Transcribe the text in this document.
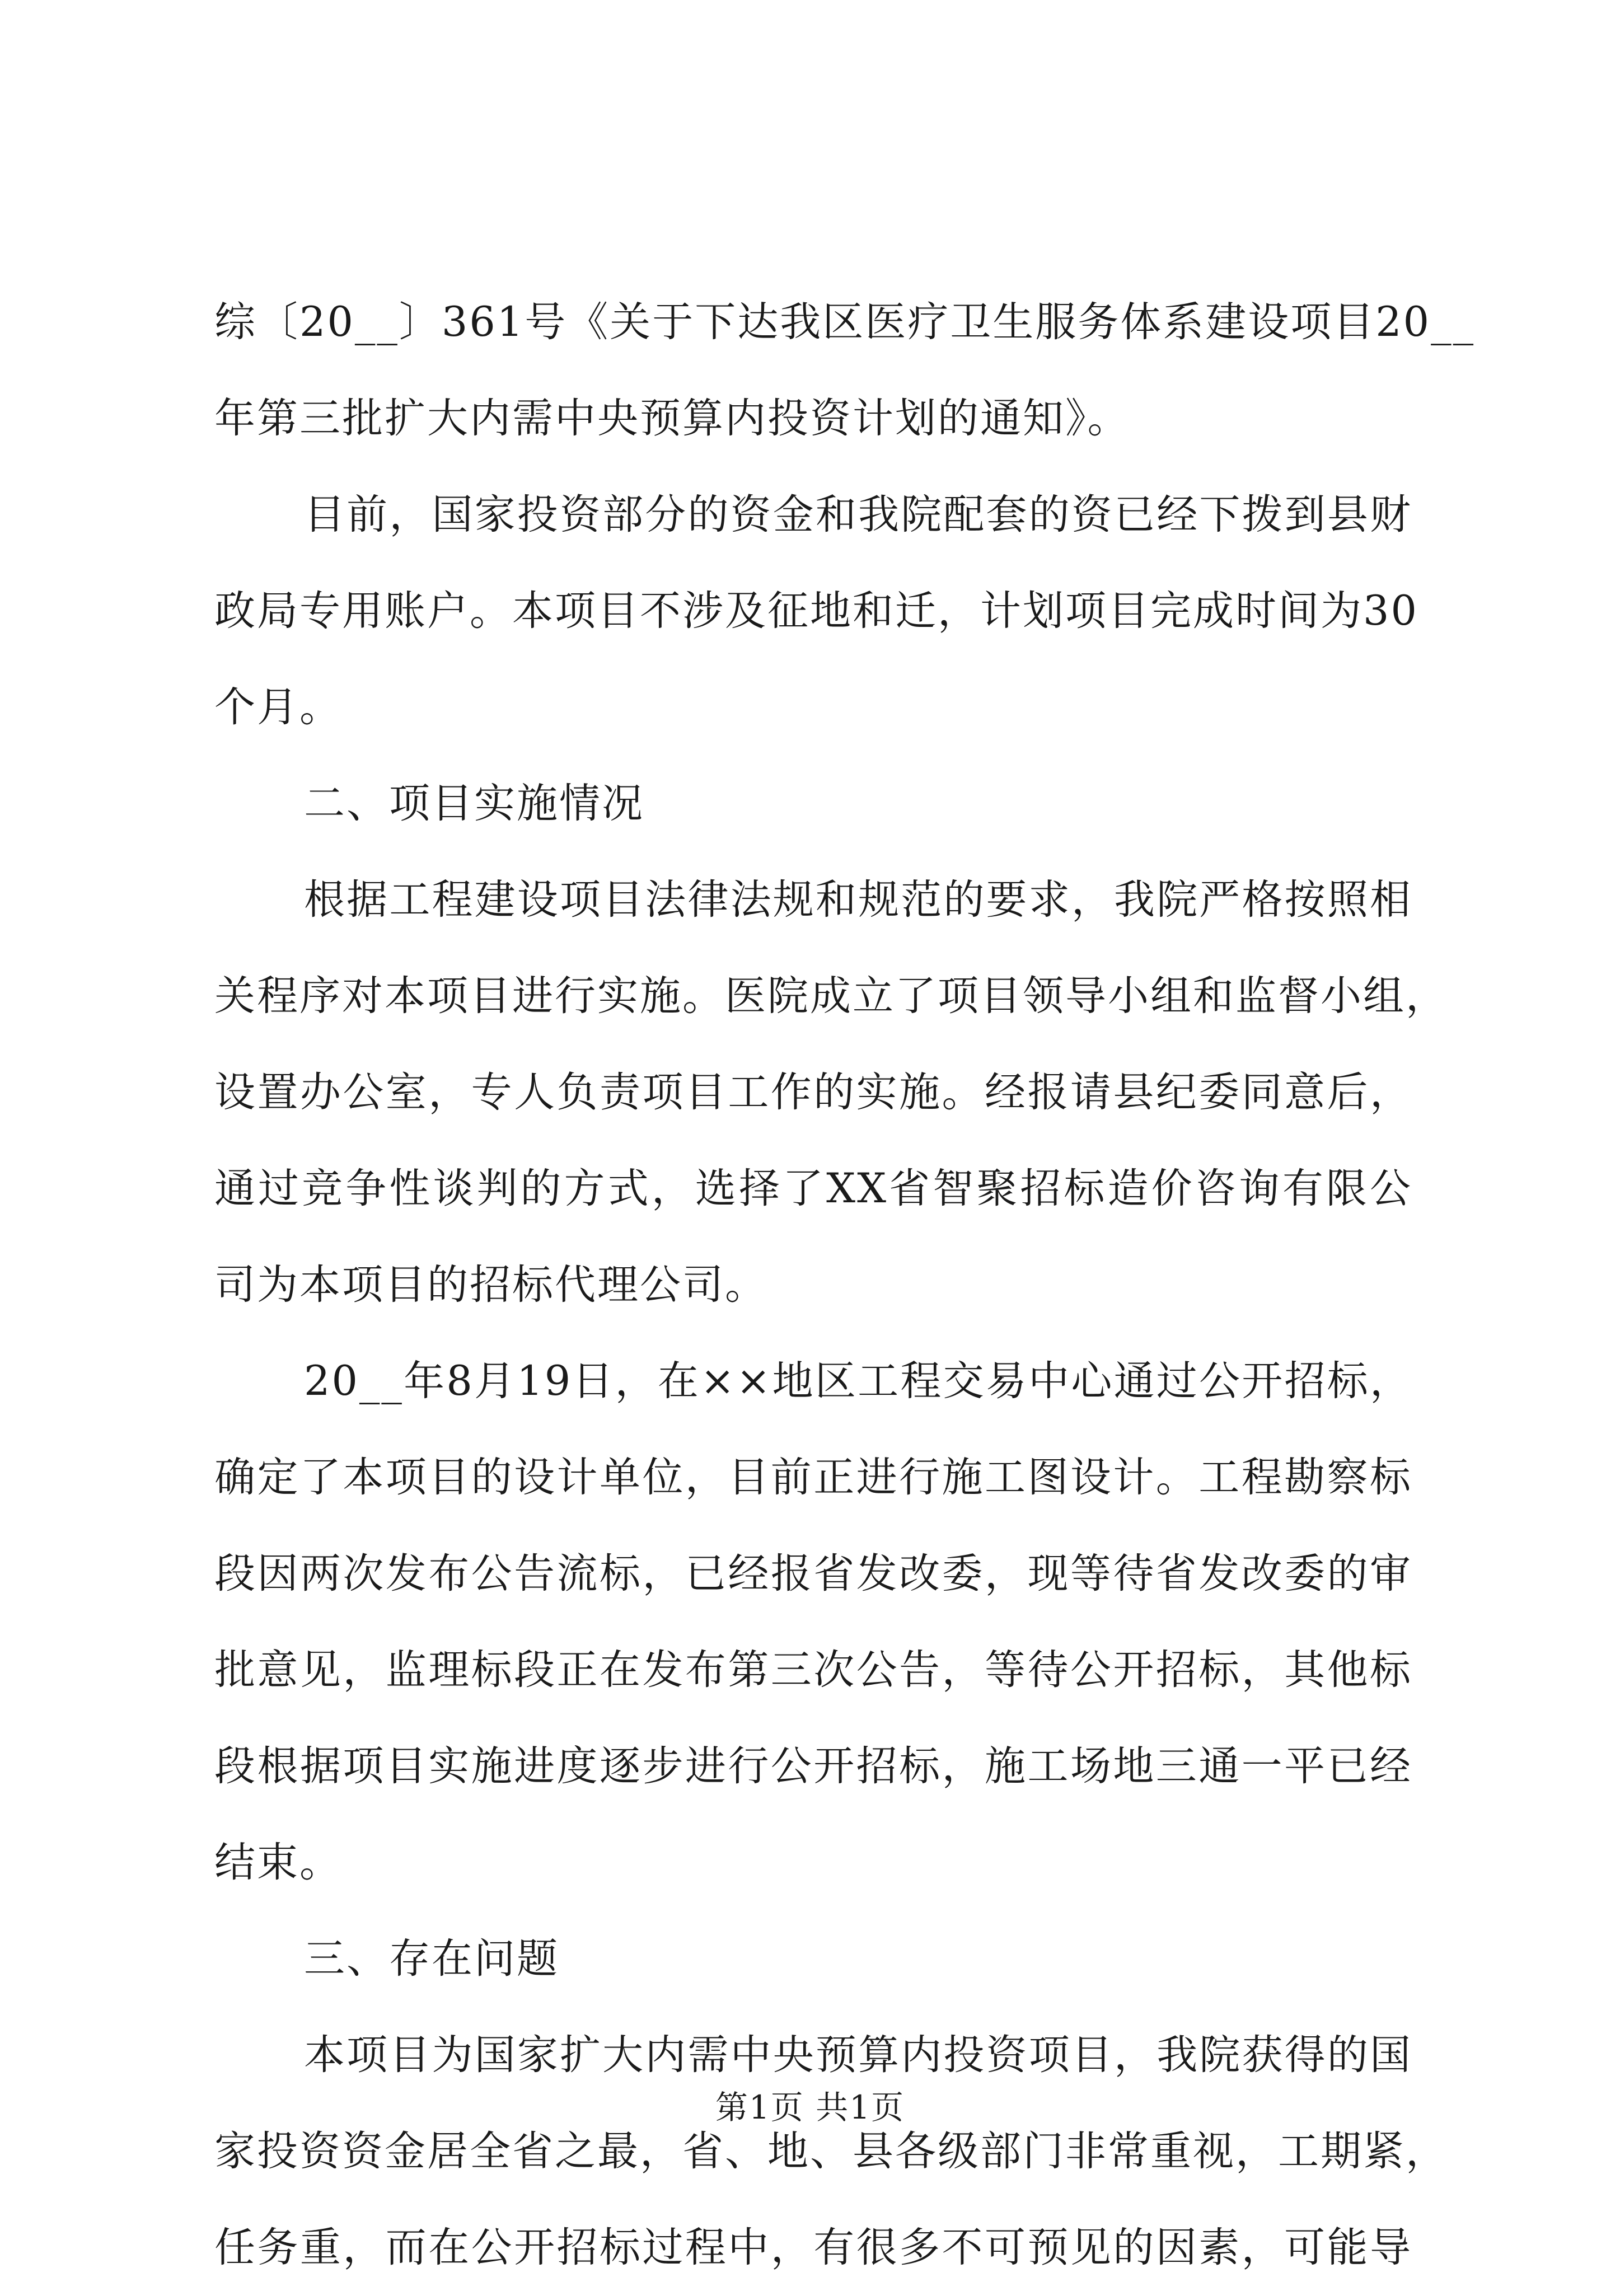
综〔20__〕361号《关于下达我区医疗卫生服务体系建设项目20__
年第三批扩大内需中央预算内投资计划的通知》。
目前，国家投资部分的资金和我院配套的资已经下拨到县财
政局专用账户。本项目不涉及征地和迁，计划项目完成时间为30
个月。
二、项目实施情况
根据工程建设项目法律法规和规范的要求，我院严格按照相
关程序对本项目进行实施。医院成立了项目领导小组和监督小组，
设置办公室，专人负责项目工作的实施。经报请县纪委同意后，
通过竞争性谈判的方式，选择了XX省智聚招标造价咨询有限公
司为本项目的招标代理公司。
20__年8月19日，在××地区工程交易中心通过公开招标，
确定了本项目的设计单位，目前正进行施工图设计。工程勘察标
段因两次发布公告流标，已经报省发改委，现等待省发改委的审
批意见，监理标段正在发布第三次公告，等待公开招标，其他标
段根据项目实施进度逐步进行公开招标，施工场地三通一平已经
结束。
三、存在问题
本项目为国家扩大内需中央预算内投资项目，我院获得的国
家投资资金居全省之最，省、地、县各级部门非常重视，工期紧，
任务重，而在公开招标过程中，有很多不可预见的因素，可能导
第1页 共1页
